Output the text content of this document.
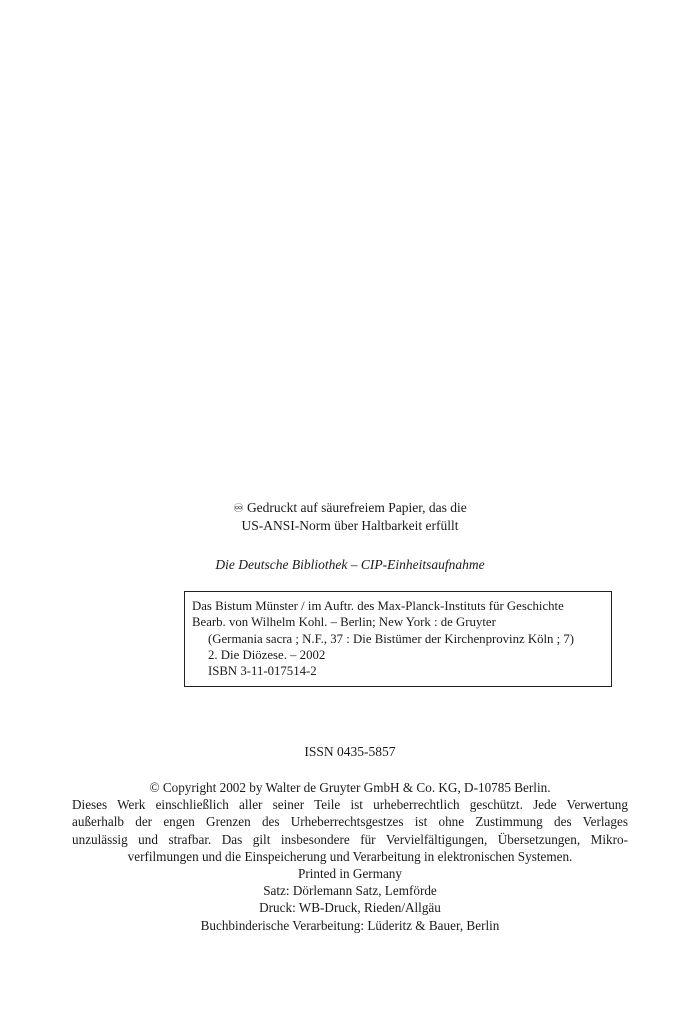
♾ Gedruckt auf säurefreiem Papier, das die
US-ANSI-Norm über Haltbarkeit erfüllt
Die Deutsche Bibliothek – CIP-Einheitsaufnahme
Das Bistum Münster / im Auftr. des Max-Planck-Instituts für Geschichte
Bearb. von Wilhelm Kohl. – Berlin; New York : de Gruyter
(Germania sacra ; N.F., 37 : Die Bistümer der Kirchenprovinz Köln ; 7)
2. Die Diözese. – 2002
ISBN 3-11-017514-2
ISSN 0435-5857
© Copyright 2002 by Walter de Gruyter GmbH & Co. KG, D-10785 Berlin.
Dieses Werk einschließlich aller seiner Teile ist urheberrechtlich geschützt. Jede Verwertung
außerhalb der engen Grenzen des Urheberrechtsgestzes ist ohne Zustimmung des Verlages
unzulässig und strafbar. Das gilt insbesondere für Vervielfältigungen, Übersetzungen, Mikro-
verfilmungen und die Einspeicherung und Verarbeitung in elektronischen Systemen.
Printed in Germany
Satz: Dörlemann Satz, Lemförde
Druck: WB-Druck, Rieden/Allgäu
Buchbinderische Verarbeitung: Lüderitz & Bauer, Berlin
